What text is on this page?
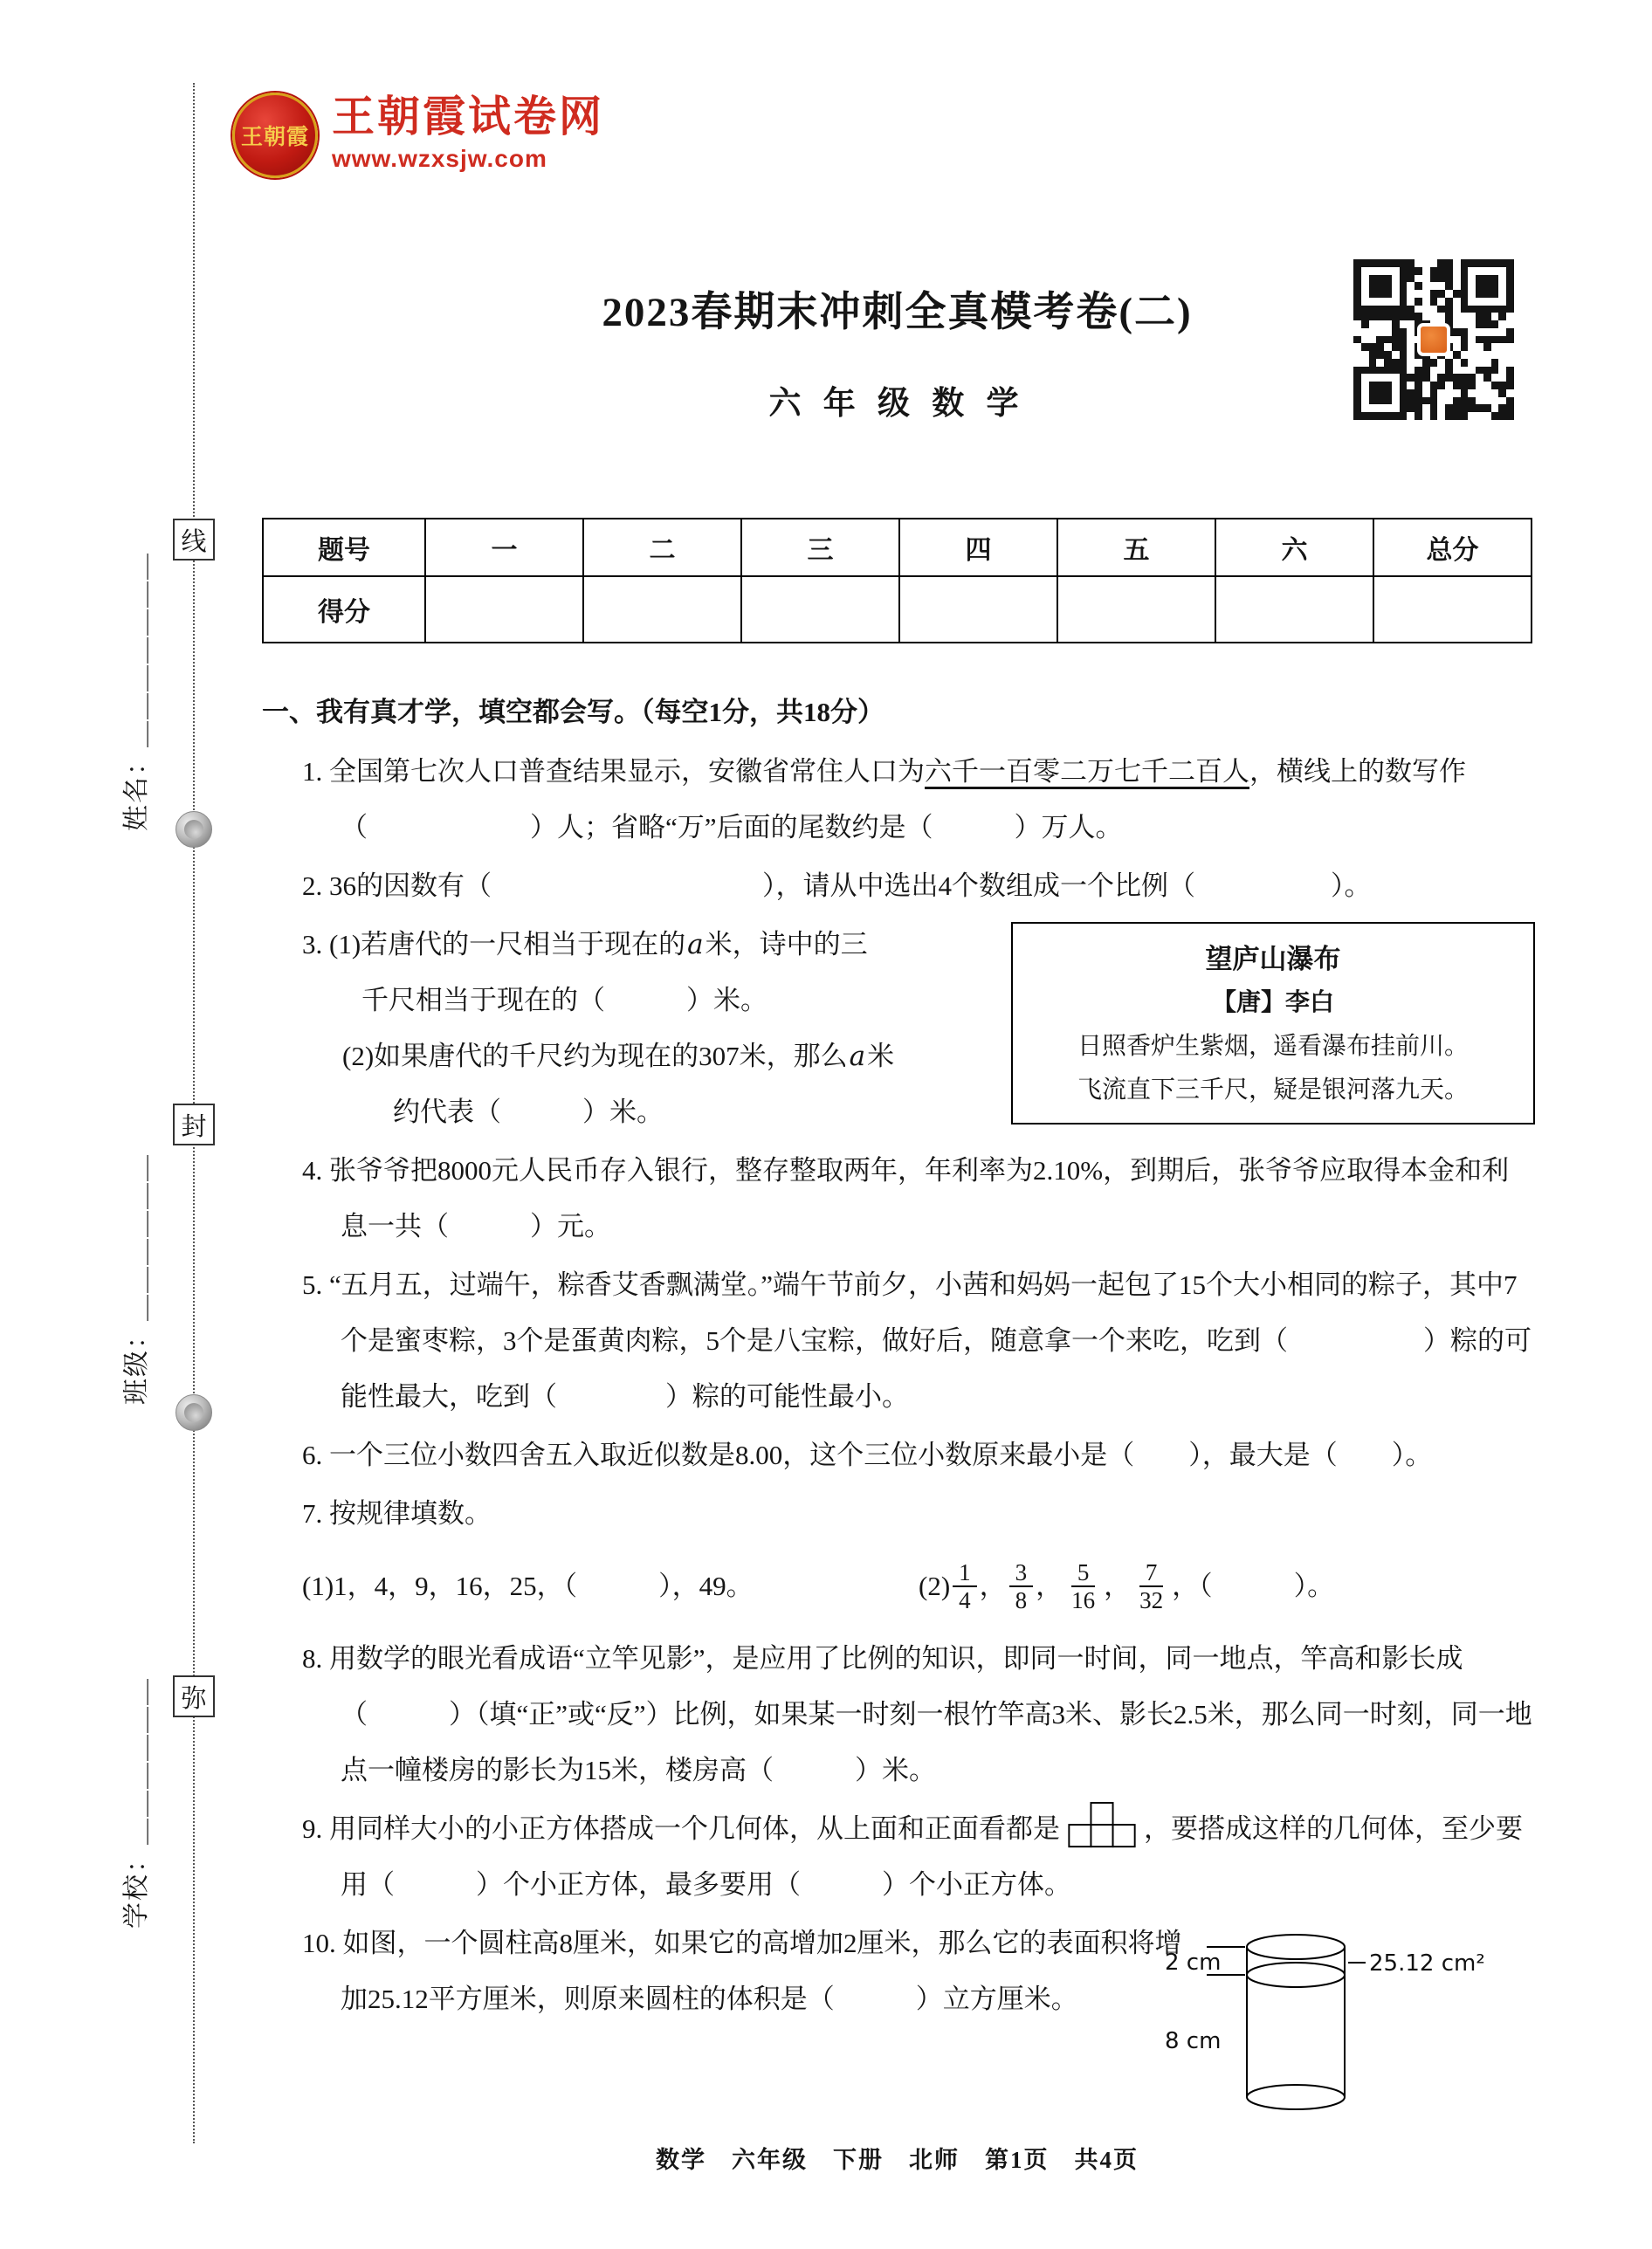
姓名：＿＿＿＿＿＿＿
班级：＿＿＿＿＿＿
学校：＿＿＿＿＿＿
线
封
弥
王朝霞 王朝霞试卷网
www.wzxsjw.com
2023春期末冲刺全真模考卷(二)
六 年 级 数 学
题号	一	二	三	四	五	六	总分
得分							
一、我有真才学，填空都会写。（每空1分，共18分）
1. 全国第七次人口普查结果显示，安徽省常住人口为六千一百零二万七千二百人，横线上的数写作（　　　　　　）人；省略“万”后面的尾数约是（　　　）万人。
2. 36的因数有（　　　　　　　　　　），请从中选出4个数组成一个比例（　　　　　）。
3. (1)若唐代的一尺相当于现在的a米，诗中的三
千尺相当于现在的（　　　）米。
(2)如果唐代的千尺约为现在的307米，那么a米
约代表（　　　）米。
望庐山瀑布
【唐】李白
日照香炉生紫烟，遥看瀑布挂前川。
飞流直下三千尺，疑是银河落九天。
4. 张爷爷把8000元人民币存入银行，整存整取两年，年利率为2.10%，到期后，张爷爷应取得本金和利息一共（　　　）元。
5. “五月五，过端午，粽香艾香飘满堂。”端午节前夕，小茜和妈妈一起包了15个大小相同的粽子，其中7个是蜜枣粽，3个是蛋黄肉粽，5个是八宝粽，做好后，随意拿一个来吃，吃到（　　　　　）粽的可能性最大，吃到（　　　　）粽的可能性最小。
6. 一个三位小数四舍五入取近似数是8.00，这个三位小数原来最小是（　　），最大是（　　）。
7. 按规律填数。
(1)1，4，9，16，25，（　　　），49。	$(2) \frac{1}{4}$ ， $\frac{3}{8}$ ， $\frac{5}{16}$ ， $\frac{7}{32}$ ，（　　　）。
8. 用数学的眼光看成语“立竿见影”，是应用了比例的知识，即同一时间，同一地点，竿高和影长成（　　　）（填“正”或“反”）比例，如果某一时刻一根竹竿高3米、影长2.5米，那么同一时刻，同一地点一幢楼房的影长为15米，楼房高（　　　）米。
9. 用同样大小的小正方体搭成一个几何体，从上面和正面看都是	，要搭成这样的几何体，至少要用（　　　）个小正方体，最多要用（　　　）个小正方体。
2 cm
8 cm
25.12 cm²
10. 如图，一个圆柱高8厘米，如果它的高增加2厘米，那么它的表面积将增加25.12平方厘米，则原来圆柱的体积是（　　　）立方厘米。
数学　六年级　下册　北师　第1页　共4页
